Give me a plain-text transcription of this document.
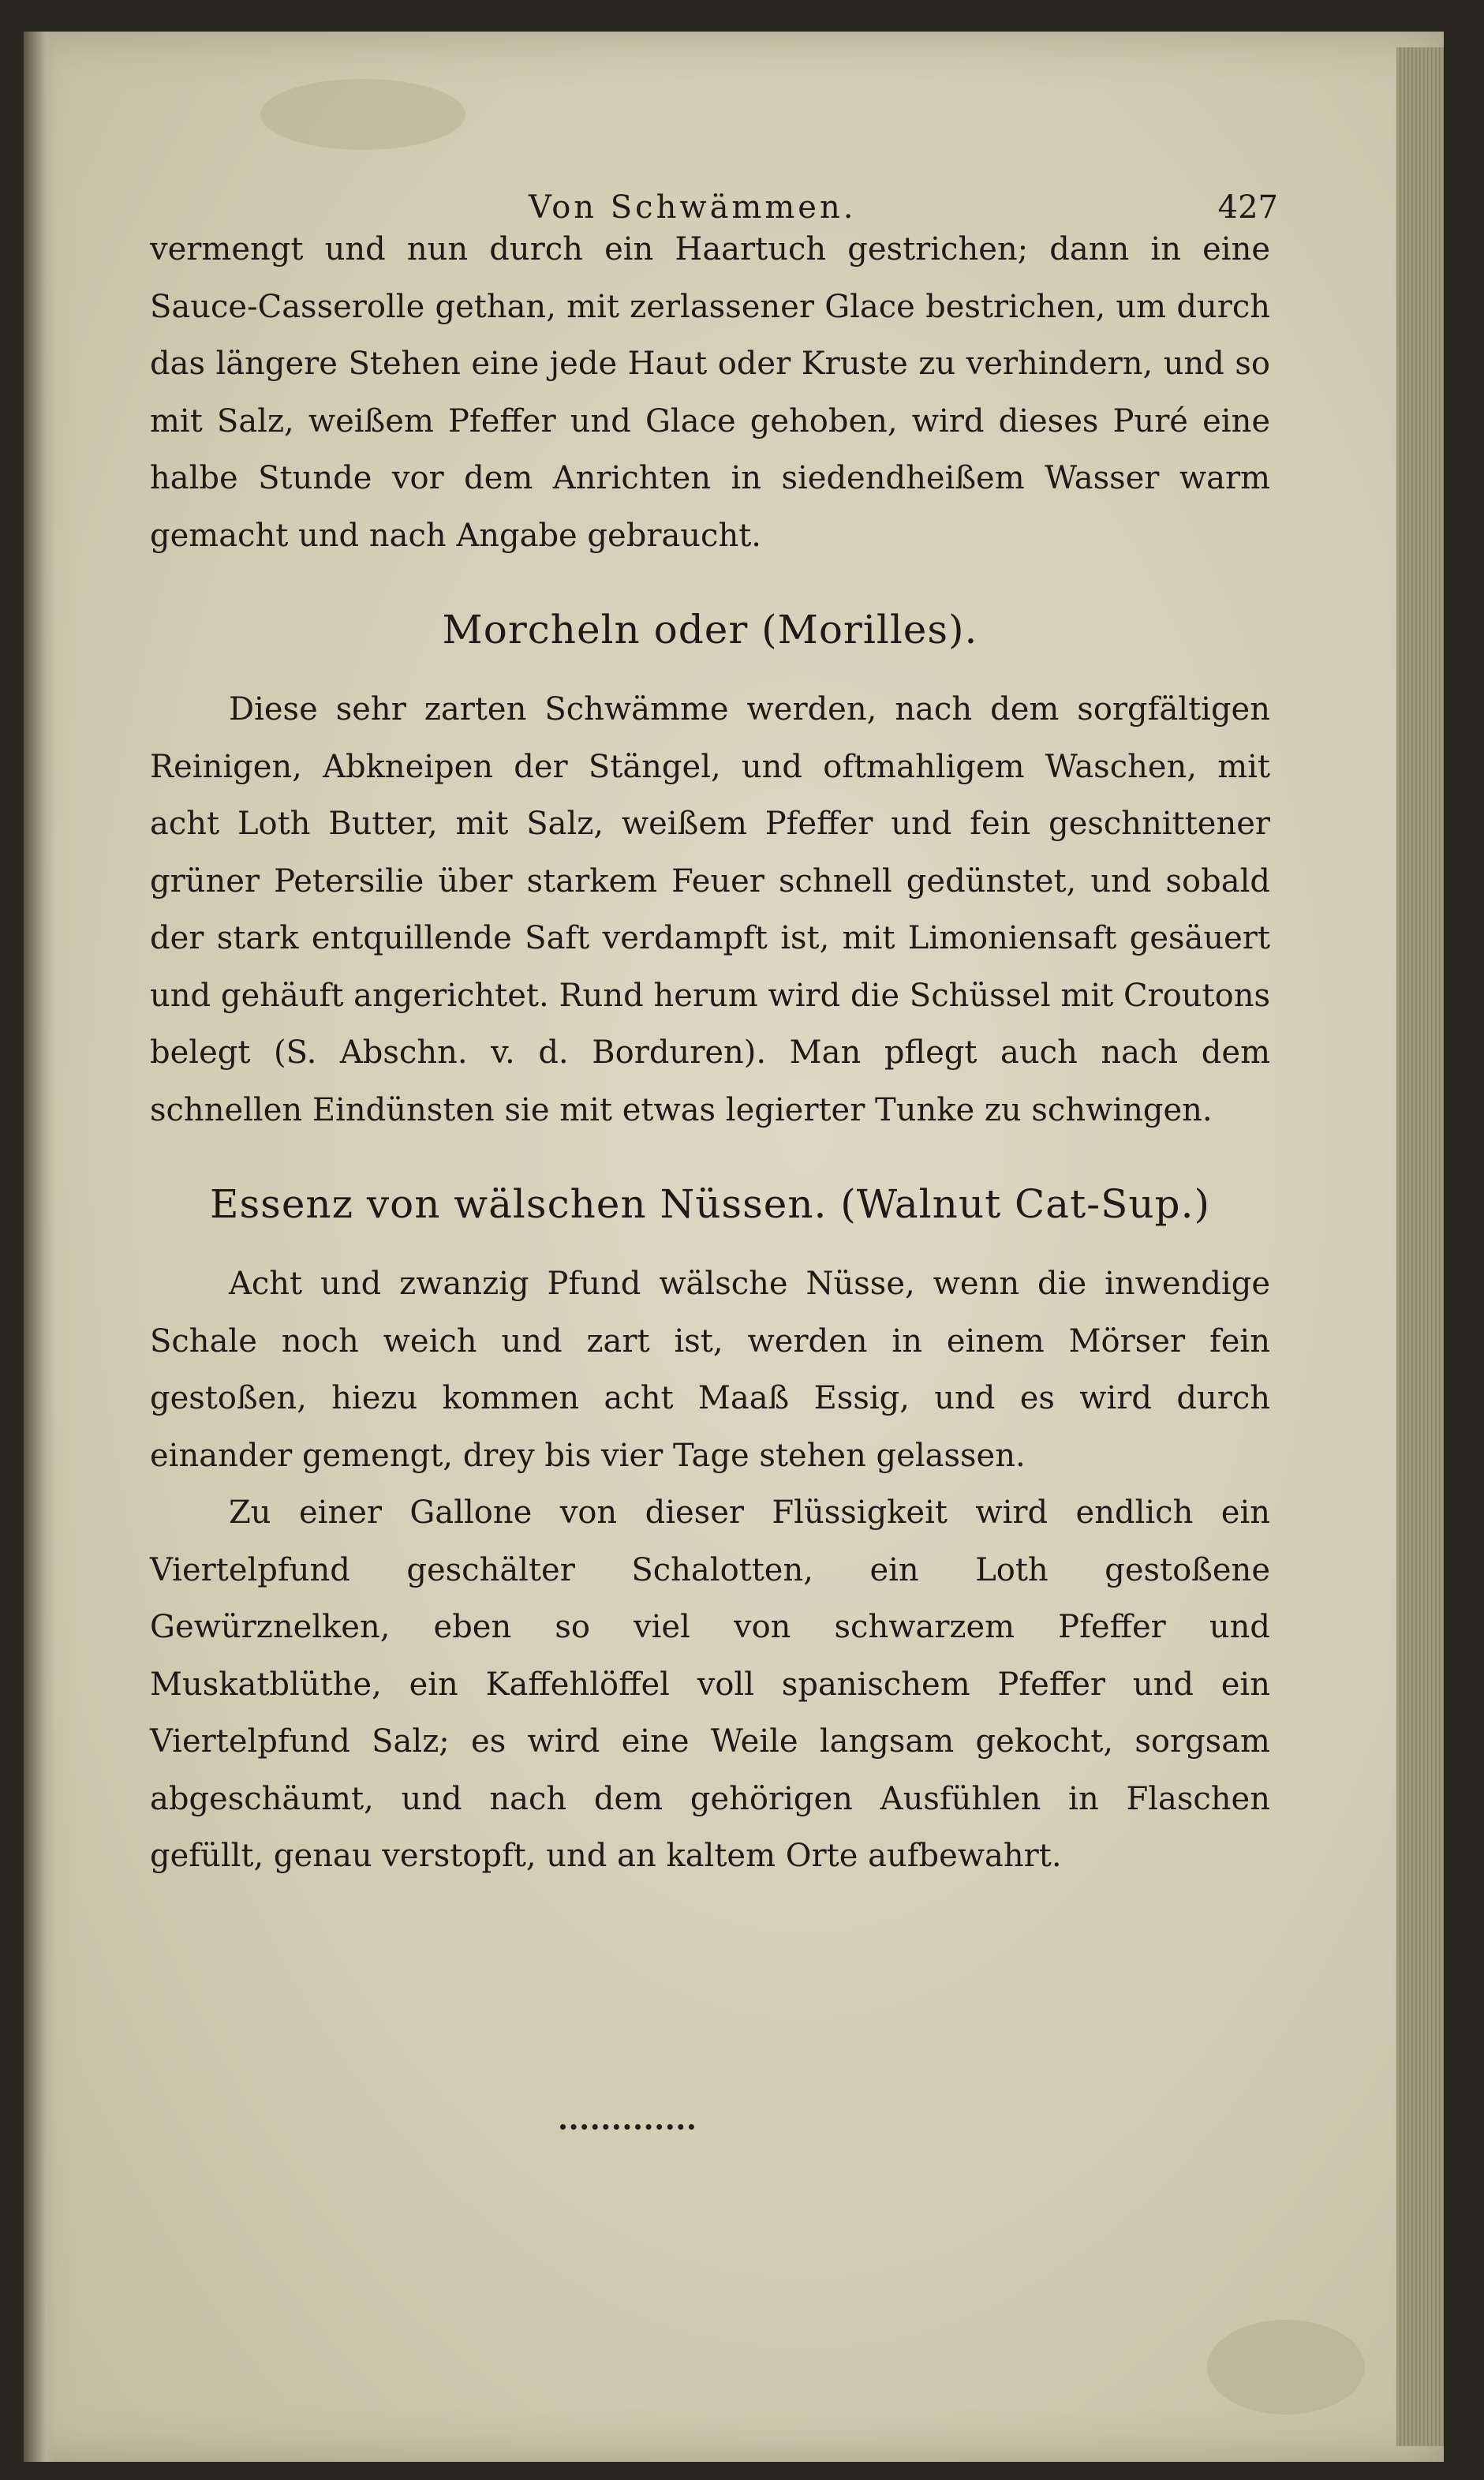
Von Schwämmen.	427

vermengt und nun durch ein Haartuch gestrichen; dann in eine Sauce-Casserolle gethan, mit zerlassener Glace bestrichen, um durch das längere Stehen eine jede Haut oder Kruste zu verhindern, und so mit Salz, weißem Pfeffer und Glace gehoben, wird dieses Puré eine halbe Stunde vor dem Anrichten in siedendheißem Wasser warm gemacht und nach Angabe gebraucht.

Morcheln oder (Morilles).

Diese sehr zarten Schwämme werden, nach dem sorgfältigen Reinigen, Abkneipen der Stängel, und oftmahligem Waschen, mit acht Loth Butter, mit Salz, weißem Pfeffer und fein geschnittener grüner Petersilie über starkem Feuer schnell gedünstet, und sobald der stark entquillende Saft verdampft ist, mit Limoniensaft gesäuert und gehäuft angerichtet. Rund herum wird die Schüssel mit Croutons belegt (S. Abschn. v. d. Borduren). Man pflegt auch nach dem schnellen Eindünsten sie mit etwas legierter Tunke zu schwingen.

Essenz von wälschen Nüssen. (Walnut Cat-Sup.)

Acht und zwanzig Pfund wälsche Nüsse, wenn die inwendige Schale noch weich und zart ist, werden in einem Mörser fein gestoßen, hiezu kommen acht Maaß Essig, und es wird durch einander gemengt, drey bis vier Tage stehen gelassen.

Zu einer Gallone von dieser Flüssigkeit wird endlich ein Viertelpfund geschälter Schalotten, ein Loth gestoßene Gewürznelken, eben so viel von schwarzem Pfeffer und Muskatblüthe, ein Kaffehlöffel voll spanischem Pfeffer und ein Viertelpfund Salz; es wird eine Weile langsam gekocht, sorgsam abgeschäumt, und nach dem gehörigen Ausfühlen in Flaschen gefüllt, genau verstopft, und an kaltem Orte aufbewahrt.
